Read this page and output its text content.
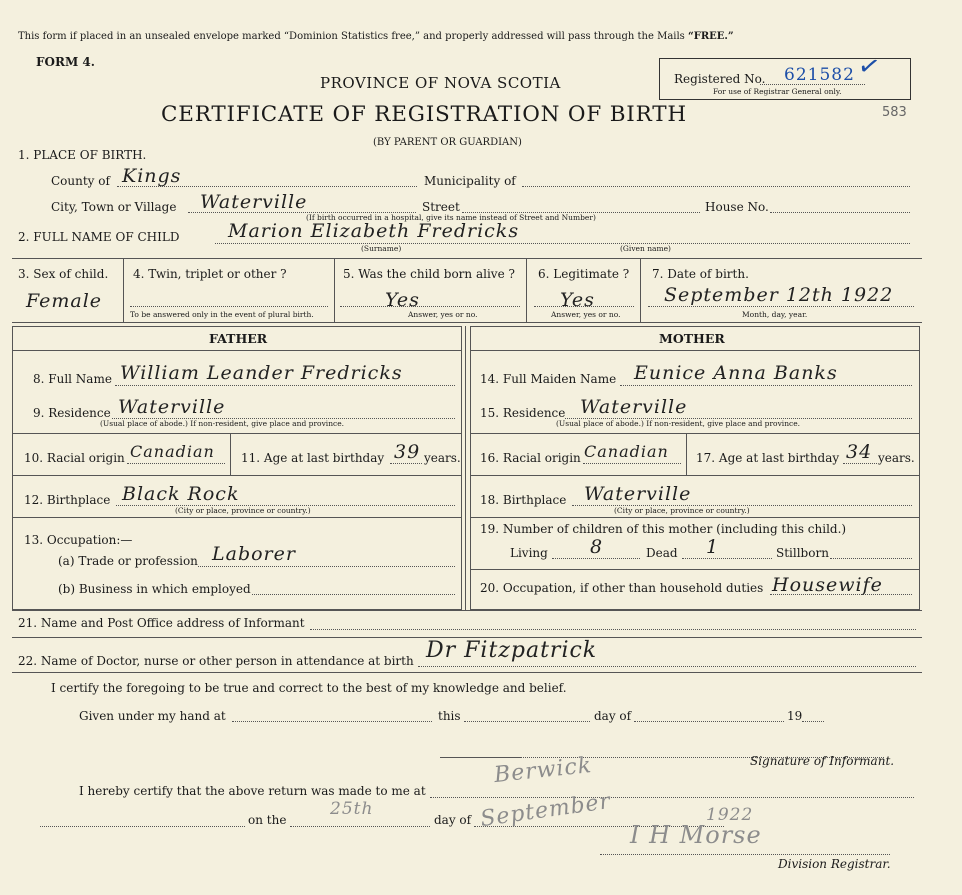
This form if placed in an unsealed envelope marked “Dominion Statistics free,” and properly addressed will pass through the Mails “FREE.”
FORM 4.
PROVINCE OF NOVA SCOTIA
CERTIFICATE OF REGISTRATION OF BIRTH
(BY PARENT OR GUARDIAN)
Registered No. 621582 ✓
For use of Registrar General only.
583
1. PLACE OF BIRTH.
County of Kings	Municipality of
City, Town or Village Waterville	Street	House No.
(If birth occurred in a hospital, give its name instead of Street and Number)
2. FULL NAME OF CHILD	Marion Elizabeth Fredricks
(Surname)	(Given name)
3. Sex of child.
Female
4. Twin, triplet or other ?
To be answered only in the event of plural birth.
5. Was the child born alive ?
Yes
Answer, yes or no.
6. Legitimate ?
Yes
Answer, yes or no.
7. Date of birth.
September 12th 1922
Month, day, year.
FATHER	MOTHER
8. Full Name William Leander Fredricks
9. Residence Waterville
(Usual place of abode.) If non-resident, give place and province.
10. Racial origin Canadian 11. Age at last birthday 39 years.
12. Birthplace Black Rock
(City or place, province or country.)
13. Occupation:—
(a) Trade or profession Laborer
(b) Business in which employed
14. Full Maiden Name Eunice Anna Banks
15. Residence Waterville
(Usual place of abode.) If non-resident, give place and province.
16. Racial origin Canadian 17. Age at last birthday 34 years.
18. Birthplace Waterville
(City or place, province or country.)
19. Number of children of this mother (including this child.)
Living 8	Dead 1	Stillborn
20. Occupation, if other than household duties Housewife
21. Name and Post Office address of Informant
22. Name of Doctor, nurse or other person in attendance at birth Dr Fitzpatrick
I certify the foregoing to be true and correct to the best of my knowledge and belief.
Given under my hand at	this	day of	19
Signature of Informant.
I hereby certify that the above return was made to me at
Berwick
on the
25th
day of September	1922
I H Morse
Division Registrar.
